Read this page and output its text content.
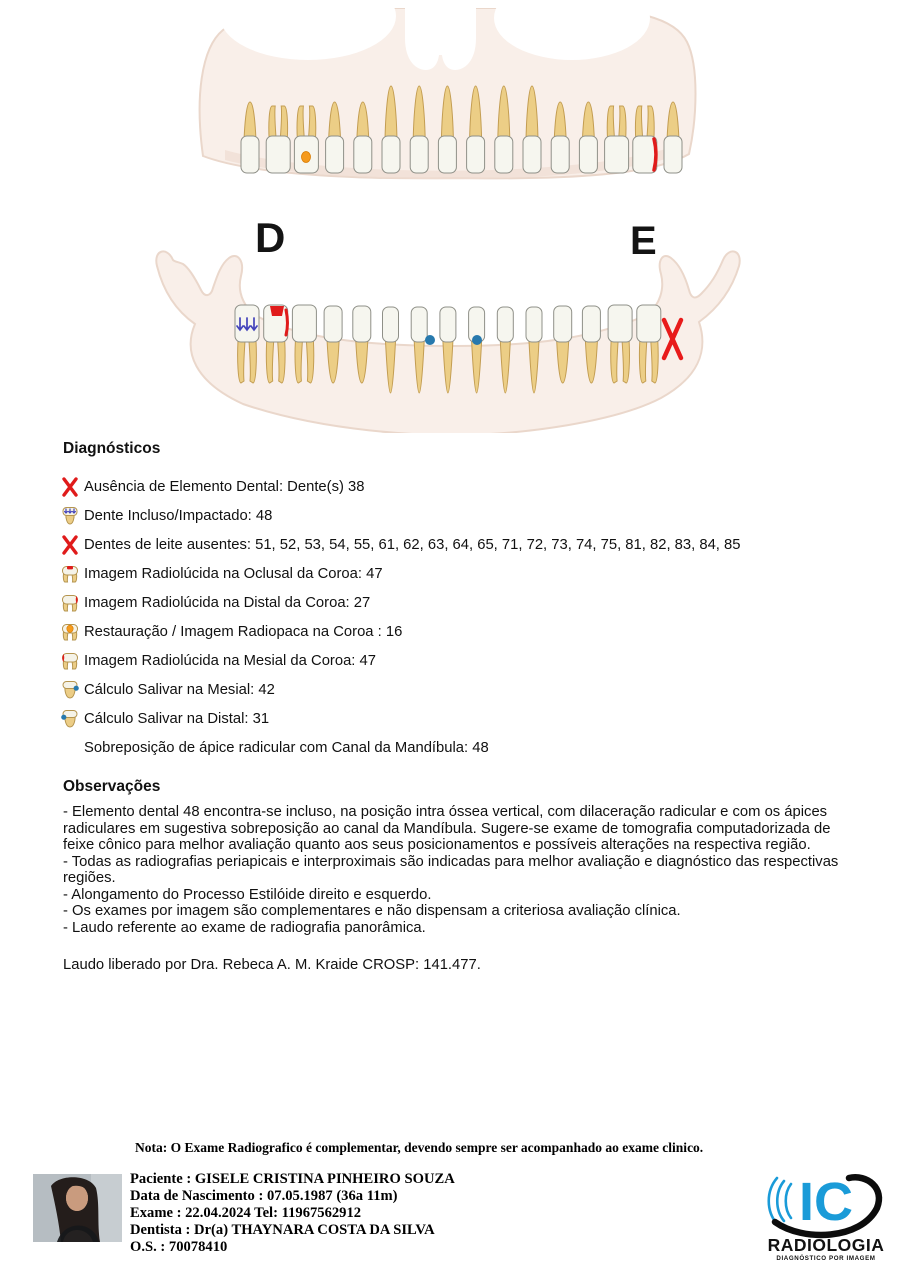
D	E
Diagnósticos
Ausência de Elemento Dental: Dente(s) 38
Dente Incluso/Impactado: 48
Dentes de leite ausentes: 51, 52, 53, 54, 55, 61, 62, 63, 64, 65, 71, 72, 73, 74, 75, 81, 82, 83, 84, 85
Imagem Radiolúcida na Oclusal da Coroa: 47
Imagem Radiolúcida na Distal da Coroa: 27
Restauração / Imagem Radiopaca na Coroa : 16
Imagem Radiolúcida na Mesial da Coroa: 47
Cálculo Salivar na Mesial: 42
Cálculo Salivar na Distal: 31
Sobreposição de ápice radicular com Canal da Mandíbula: 48
Observações

- Elemento dental 48 encontra-se incluso, na posição intra óssea vertical, com dilaceração radicular e com os ápices radiculares em sugestiva sobreposição ao canal da Mandíbula. Sugere-se exame de tomografia computadorizada de feixe cônico para melhor avaliação quanto aos seus posicionamentos e possíveis alterações na respectiva região.

- Todas as radiografias periapicais e interproximais são indicadas para melhor avaliação e diagnóstico das respectivas regiões.

- Alongamento do Processo Estilóide direito e esquerdo.

- Os exames por imagem são complementares e não dispensam a criteriosa avaliação clínica.

- Laudo referente ao exame de radiografia panorâmica.

Laudo liberado por Dra. Rebeca A. M. Kraide CROSP: 141.477.
Nota: O Exame Radiografico é complementar, devendo sempre ser acompanhado ao exame clinico.
Paciente : GISELE CRISTINA PINHEIRO SOUZA
Data de Nascimento : 07.05.1987 (36a 11m)
Exame : 22.04.2024 Tel: 11967562912
Dentista : Dr(a) THAYNARA COSTA DA SILVA
O.S. : 70078410
IC
RADIOLOGIA
DIAGNÓSTICO POR IMAGEM
